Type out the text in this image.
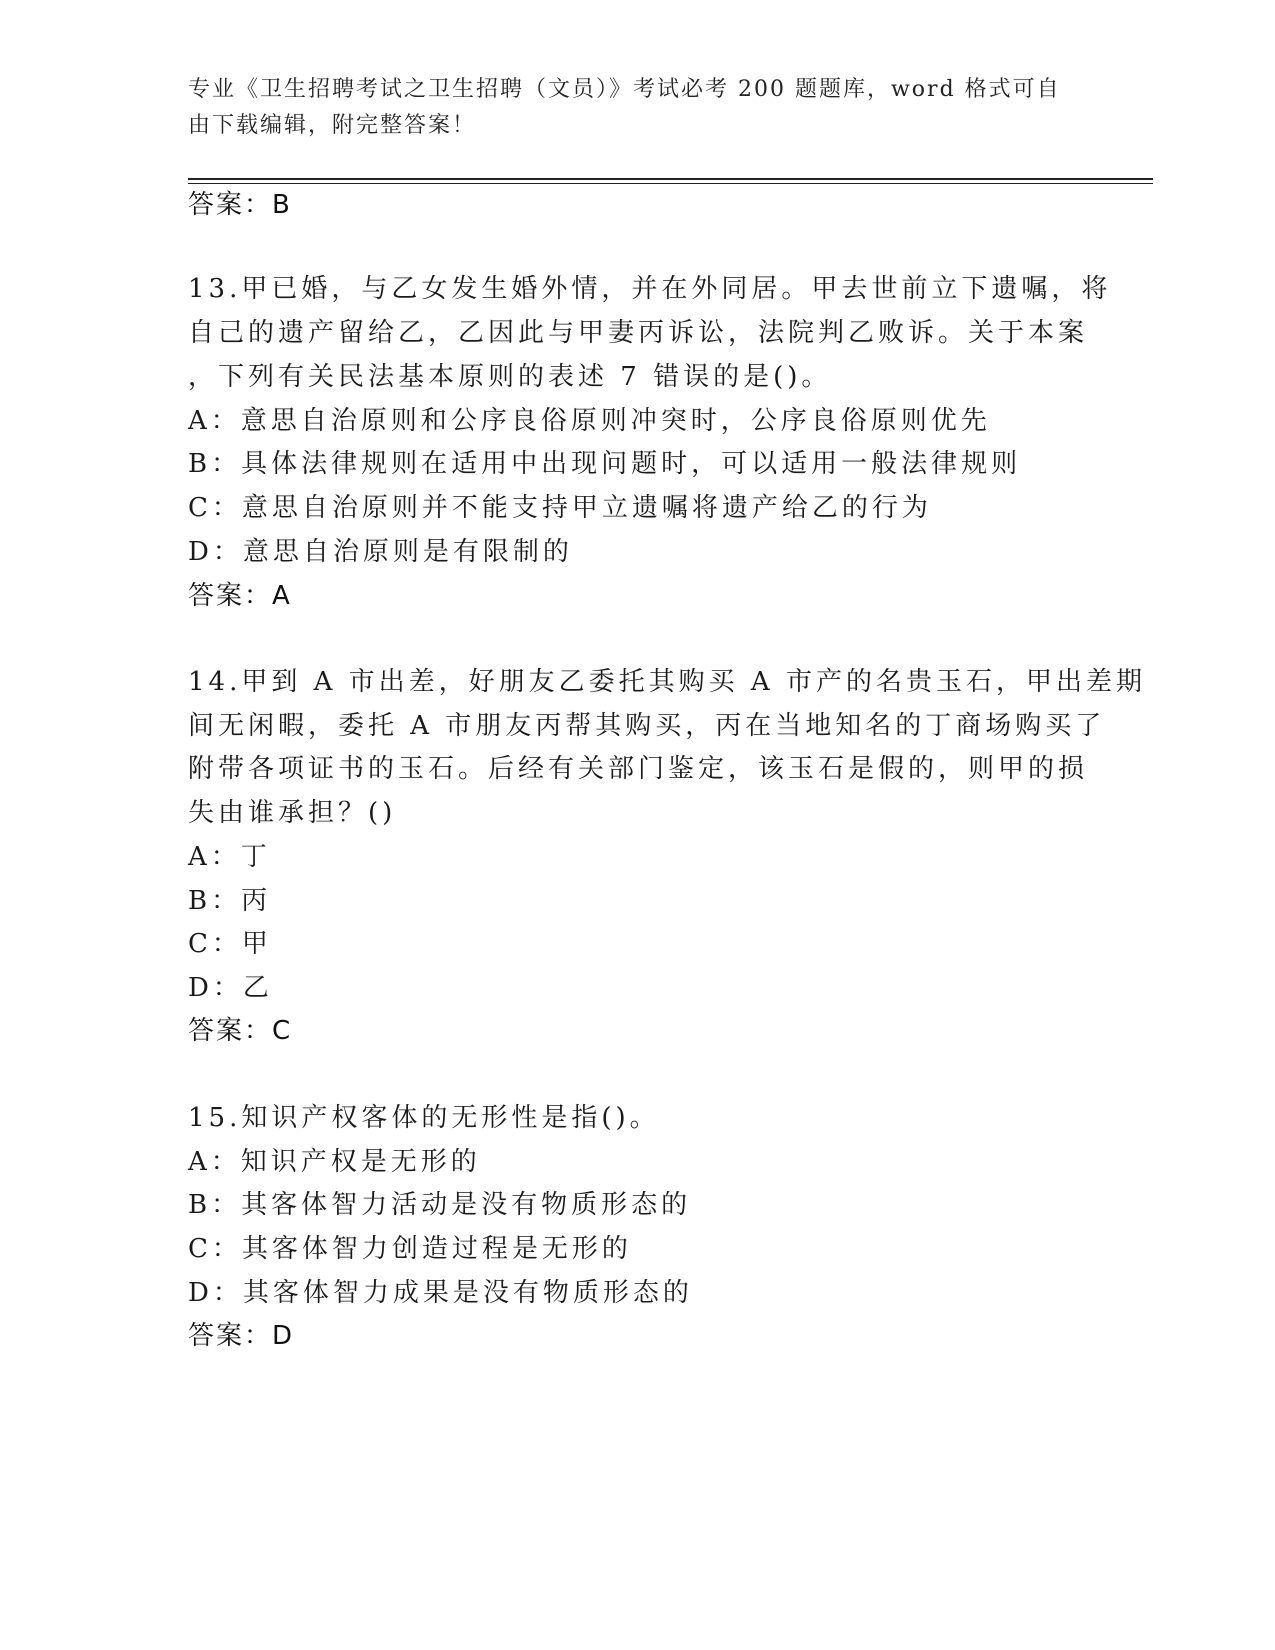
专业《卫生招聘考试之卫生招聘（文员）》考试必考 200 题题库，word 格式可自
由下载编辑，附完整答案！
答案：B
13.甲已婚，与乙女发生婚外情，并在外同居。甲去世前立下遗嘱，将
自己的遗产留给乙，乙因此与甲妻丙诉讼，法院判乙败诉。关于本案
，下列有关民法基本原则的表述 7 错误的是()。
A：意思自治原则和公序良俗原则冲突时，公序良俗原则优先
B：具体法律规则在适用中出现问题时，可以适用一般法律规则
C：意思自治原则并不能支持甲立遗嘱将遗产给乙的行为
D：意思自治原则是有限制的
答案：A
14.甲到 A 市出差，好朋友乙委托其购买 A 市产的名贵玉石，甲出差期
间无闲暇，委托 A 市朋友丙帮其购买，丙在当地知名的丁商场购买了
附带各项证书的玉石。后经有关部门鉴定，该玉石是假的，则甲的损
失由谁承担？()
A：丁
B：丙
C：甲
D：乙
答案：C
15.知识产权客体的无形性是指()。
A：知识产权是无形的
B：其客体智力活动是没有物质形态的
C：其客体智力创造过程是无形的
D：其客体智力成果是没有物质形态的
答案：D
